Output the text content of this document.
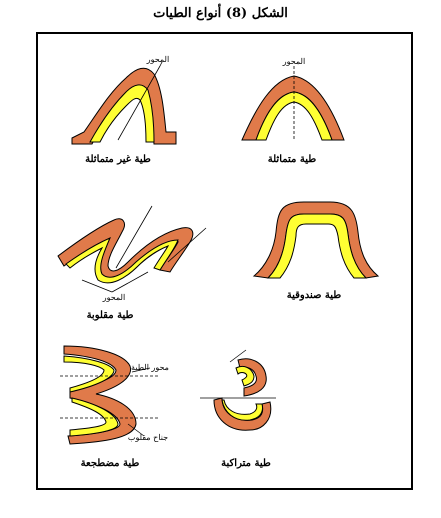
الشكل (8) أنواع الطيات
المحور
طية غير متماثلة
المحور
طية متماثلة
المحور
طية مقلوبة
طية صندوقية
محور الطية
جناح مقلوب
طية مضطجعة	طية متراكبة
